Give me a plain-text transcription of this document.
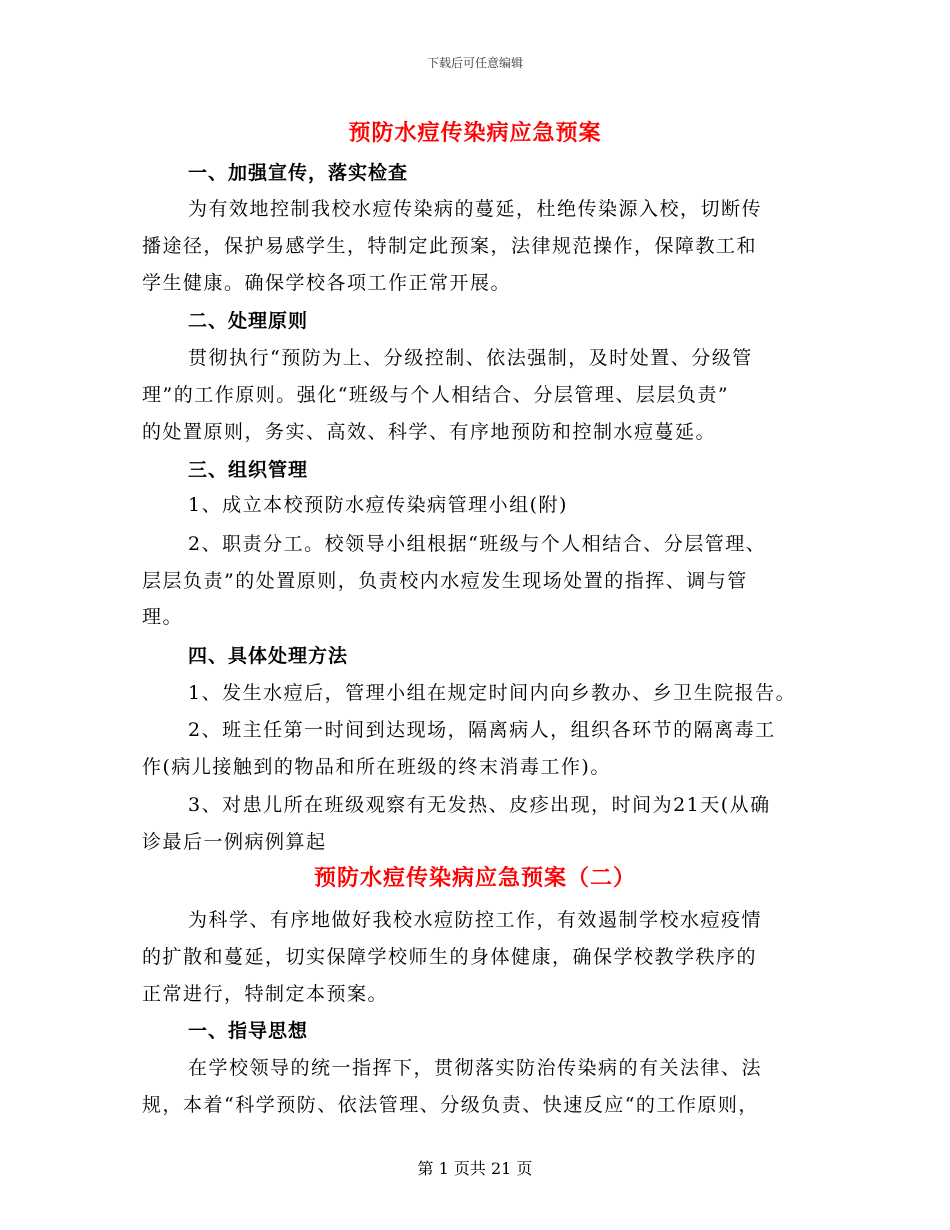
下载后可任意编辑
预防水痘传染病应急预案
一、加强宣传，落实检查
为有效地控制我校水痘传染病的蔓延，杜绝传染源入校，切断传
播途径，保护易感学生，特制定此预案，法律规范操作，保障教工和
学生健康。确保学校各项工作正常开展。
二、处理原则
贯彻执行“预防为上、分级控制、依法强制，及时处置、分级管
理”的工作原则。强化“班级与个人相结合、分层管理、层层负责”
的处置原则，务实、高效、科学、有序地预防和控制水痘蔓延。
三、组织管理
1、成立本校预防水痘传染病管理小组(附)
2、职责分工。校领导小组根据“班级与个人相结合、分层管理、
层层负责”的处置原则，负责校内水痘发生现场处置的指挥、调与管
理。
四、具体处理方法
1、发生水痘后，管理小组在规定时间内向乡教办、乡卫生院报告。
2、班主任第一时间到达现场，隔离病人，组织各环节的隔离毒工
作(病儿接触到的物品和所在班级的终末消毒工作)。
3、对患儿所在班级观察有无发热、皮疹出现，时间为21天(从确
诊最后一例病例算起
预防水痘传染病应急预案（二）
为科学、有序地做好我校水痘防控工作，有效遏制学校水痘疫情
的扩散和蔓延，切实保障学校师生的身体健康，确保学校教学秩序的
正常进行，特制定本预案。
一、指导思想
在学校领导的统一指挥下，贯彻落实防治传染病的有关法律、法
规，本着“科学预防、依法管理、分级负责、快速反应“的工作原则，
第 1 页共 21 页
